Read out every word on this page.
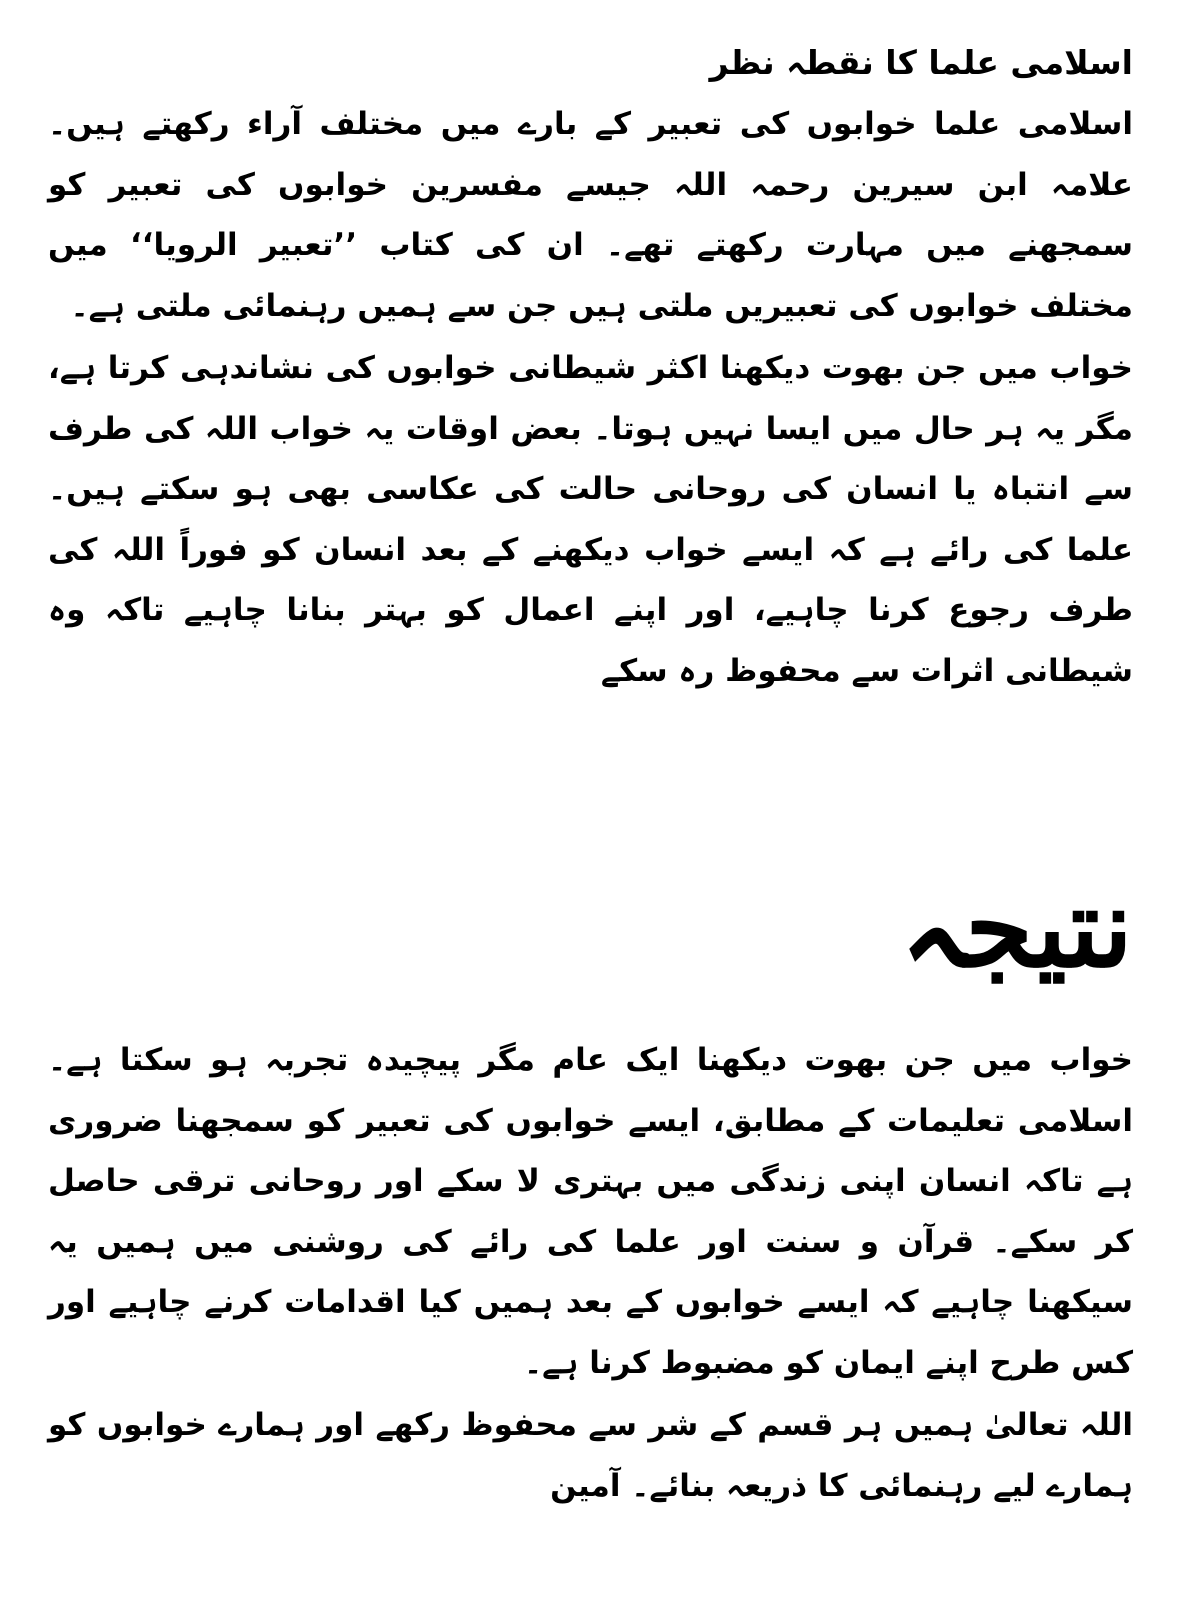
اسلامی علما کا نقطہ نظر

اسلامی علما خوابوں کی تعبیر کے بارے میں مختلف آراء رکھتے ہیں۔ علامہ ابن سیرین رحمہ اللہ جیسے مفسرین خوابوں کی تعبیر کو سمجھنے میں مہارت رکھتے تھے۔ ان کی کتاب ’’تعبیر الرویا‘‘ میں مختلف خوابوں کی تعبیریں ملتی ہیں جن سے ہمیں رہنمائی ملتی ہے۔

خواب میں جن بھوت دیکھنا اکثر شیطانی خوابوں کی نشاندہی کرتا ہے، مگر یہ ہر حال میں ایسا نہیں ہوتا۔ بعض اوقات یہ خواب اللہ کی طرف سے انتباہ یا انسان کی روحانی حالت کی عکاسی بھی ہو سکتے ہیں۔ علما کی رائے ہے کہ ایسے خواب دیکھنے کے بعد انسان کو فوراً اللہ کی طرف رجوع کرنا چاہیے، اور اپنے اعمال کو بہتر بنانا چاہیے تاکہ وہ شیطانی اثرات سے محفوظ رہ سکے

نتیجہ

خواب میں جن بھوت دیکھنا ایک عام مگر پیچیدہ تجربہ ہو سکتا ہے۔ اسلامی تعلیمات کے مطابق، ایسے خوابوں کی تعبیر کو سمجھنا ضروری ہے تاکہ انسان اپنی زندگی میں بہتری لا سکے اور روحانی ترقی حاصل کر سکے۔ قرآن و سنت اور علما کی رائے کی روشنی میں ہمیں یہ سیکھنا چاہیے کہ ایسے خوابوں کے بعد ہمیں کیا اقدامات کرنے چاہیے اور کس طرح اپنے ایمان کو مضبوط کرنا ہے۔

اللہ تعالیٰ ہمیں ہر قسم کے شر سے محفوظ رکھے اور ہمارے خوابوں کو ہمارے لیے رہنمائی کا ذریعہ بنائے۔ آمین
